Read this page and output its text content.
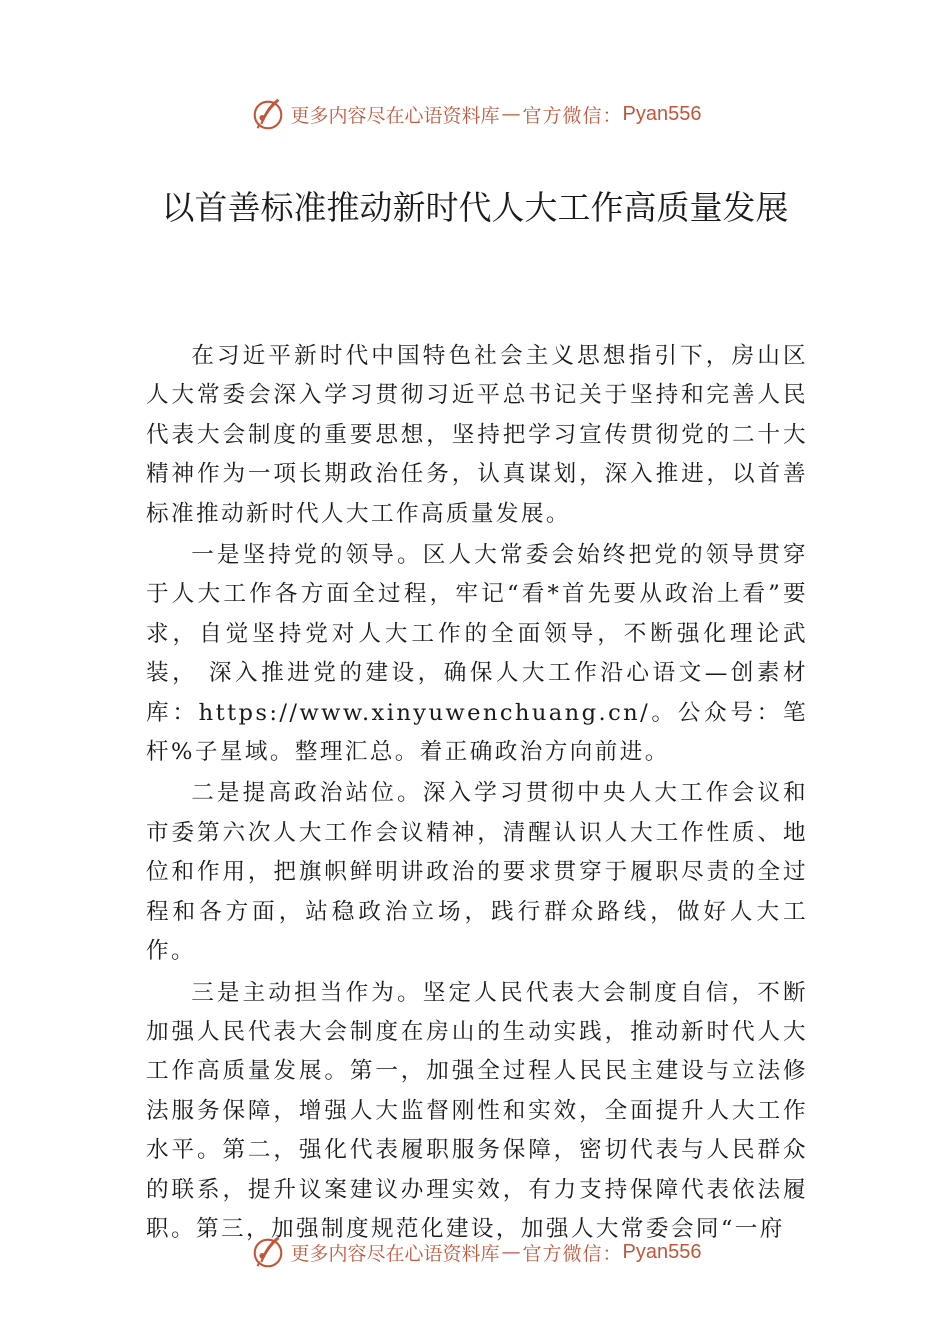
更多内容尽在心语资料库 — 官方微信： Pyan556
以首善标准推动新时代人大工作高质量发展

在习近平新时代中国特色社会主义思想指引下，房山区人大常委会深入学习贯彻习近平总书记关于坚持和完善人民代表大会制度的重要思想，坚持把学习宣传贯彻党的二十大精神作为一项长期政治任务，认真谋划，深入推进，以首善标准推动新时代人大工作高质量发展。

一是坚持党的领导。区人大常委会始终把党的领导贯穿于人大工作各方面全过程，牢记“看*首先要从政治上看”要求，自觉坚持党对人大工作的全面领导，不断强化理论武装， 深入推进党的建设，确保人大工作沿心语文—创素材库：https://www.xinyuwenchuang.cn/。公众号：笔杆%子星域。整理汇总。着正确政治方向前进。

二是提高政治站位。深入学习贯彻中央人大工作会议和市委第六次人大工作会议精神，清醒认识人大工作性质、地位和作用，把旗帜鲜明讲政治的要求贯穿于履职尽责的全过程和各方面，站稳政治立场，践行群众路线，做好人大工作。

三是主动担当作为。坚定人民代表大会制度自信，不断加强人民代表大会制度在房山的生动实践，推动新时代人大工作高质量发展。第一，加强全过程人民民主建设与立法修法服务保障，增强人大监督刚性和实效，全面提升人大工作水平。第二，强化代表履职服务保障，密切代表与人民群众的联系，提升议案建议办理实效，有力支持保障代表依法履职。第三，加强制度规范化建设，加强人大常委会同“一府

更多内容尽在心语资料库 — 官方微信： Pyan556
